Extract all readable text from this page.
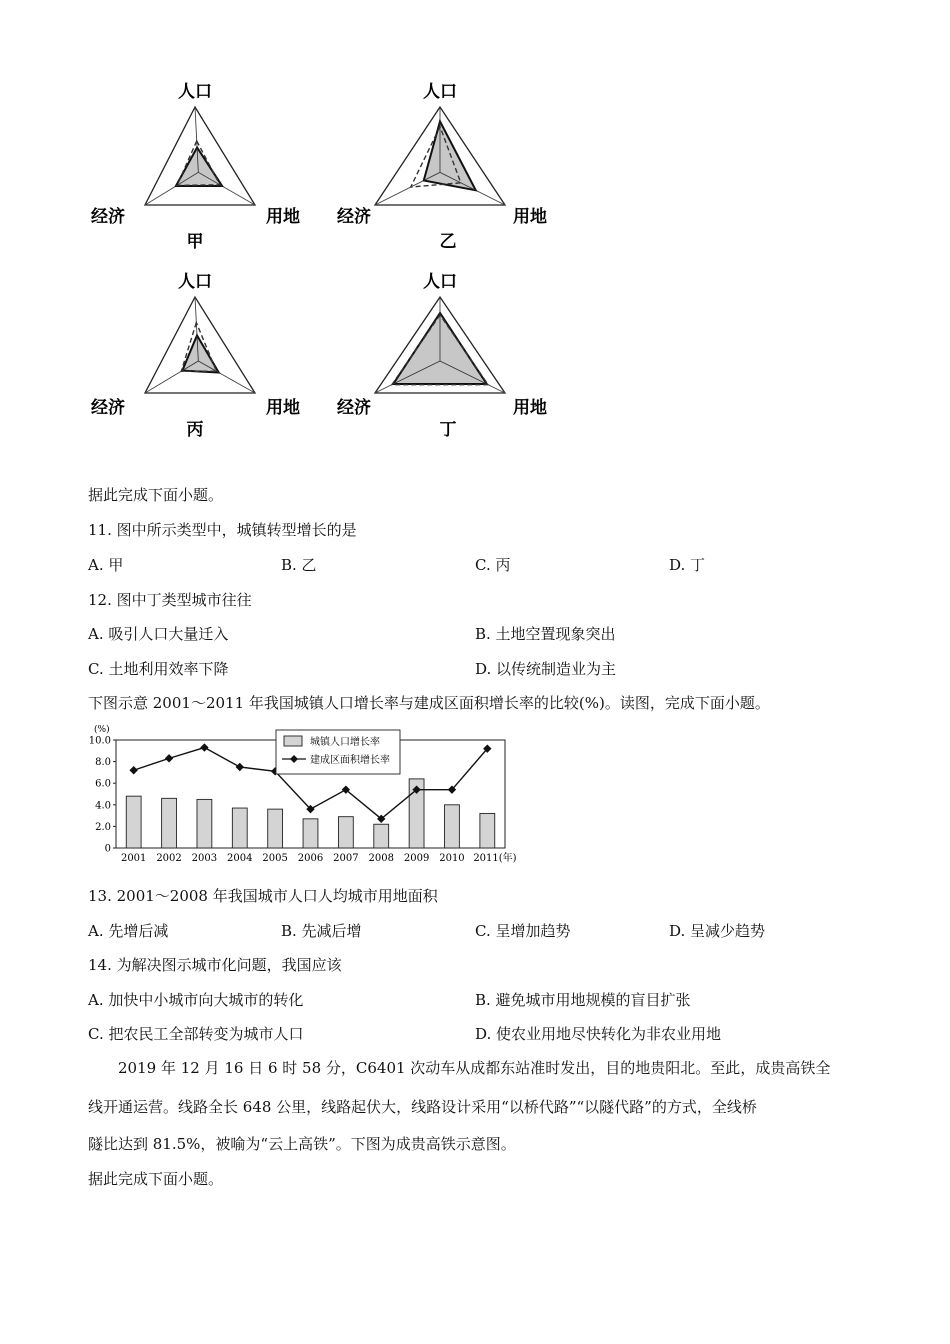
人口
经济	用地
甲
人口
经济	用地
乙
人口
经济	用地
丙
人口
经济	用地
丁
据此完成下面小题。
11. 图中所示类型中，城镇转型增长的是
A. 甲	B. 乙	C. 丙	D. 丁
12. 图中丁类型城市往往
A. 吸引人口大量迁入	B. 土地空置现象突出
C. 土地利用效率下降	D. 以传统制造业为主
下图示意 2001～2011 年我国城镇人口增长率与建成区面积增长率的比较(%)。读图，完成下面小题。
(%)
10.0
8.0
6.0
4.0
2.0
0
2001 2002 2003 2004 2005 2006 2007 2008 2009 2010 2011(年)
城镇人口增长率
建成区面积增长率
13. 2001～2008 年我国城市人口人均城市用地面积
A. 先增后减	B. 先减后增	C. 呈增加趋势	D. 呈减少趋势
14. 为解决图示城市化问题，我国应该
A. 加快中小城市向大城市的转化	B. 避免城市用地规模的盲目扩张
C. 把农民工全部转变为城市人口	D. 使农业用地尽快转化为非农业用地
2019 年 12 月 16 日 6 时 58 分，C6401 次动车从成都东站准时发出，目的地贵阳北。至此，成贵高铁全
线开通运营。线路全长 648 公里，线路起伏大，线路设计采用“以桥代路”“以隧代路”的方式，全线桥
隧比达到 81.5%，被喻为“云上高铁”。下图为成贵高铁示意图。
据此完成下面小题。
